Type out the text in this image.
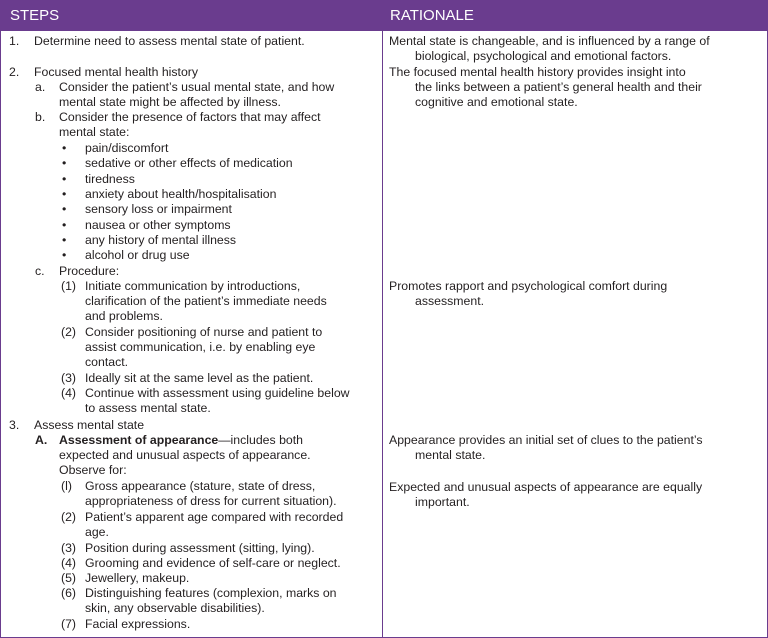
STEPS	RATIONALE
1. Determine need to assess mental state of patient.
2. Focused mental health history
a. Consider the patient’s usual mental state, and how
mental state might be affected by illness.
b. Consider the presence of factors that may affect
mental state:
• pain/discomfort
• sedative or other effects of medication
• tiredness
• anxiety about health/hospitalisation
• sensory loss or impairment
• nausea or other symptoms
• any history of mental illness
• alcohol or drug use
c. Procedure:
(1) Initiate communication by introductions,
clarification of the patient’s immediate needs
and problems.
(2) Consider positioning of nurse and patient to
assist communication, i.e. by enabling eye
contact.
(3) Ideally sit at the same level as the patient.
(4) Continue with assessment using guideline below
to assess mental state.
3. Assess mental state
A. Assessment of appearance—includes both
expected and unusual aspects of appearance.
Observe for:
(l) Gross appearance (stature, state of dress,
appropriateness of dress for current situation).
(2) Patient’s apparent age compared with recorded
age.
(3) Position during assessment (sitting, lying).
(4) Grooming and evidence of self-care or neglect.
(5) Jewellery, makeup.
(6) Distinguishing features (complexion, marks on
skin, any observable disabilities).
(7) Facial expressions.
Mental state is changeable, and is influenced by a range of
biological, psychological and emotional factors.
The focused mental health history provides insight into
the links between a patient’s general health and their
cognitive and emotional state.
Promotes rapport and psychological comfort during
assessment.
Appearance provides an initial set of clues to the patient’s
mental state.
Expected and unusual aspects of appearance are equally
important.
